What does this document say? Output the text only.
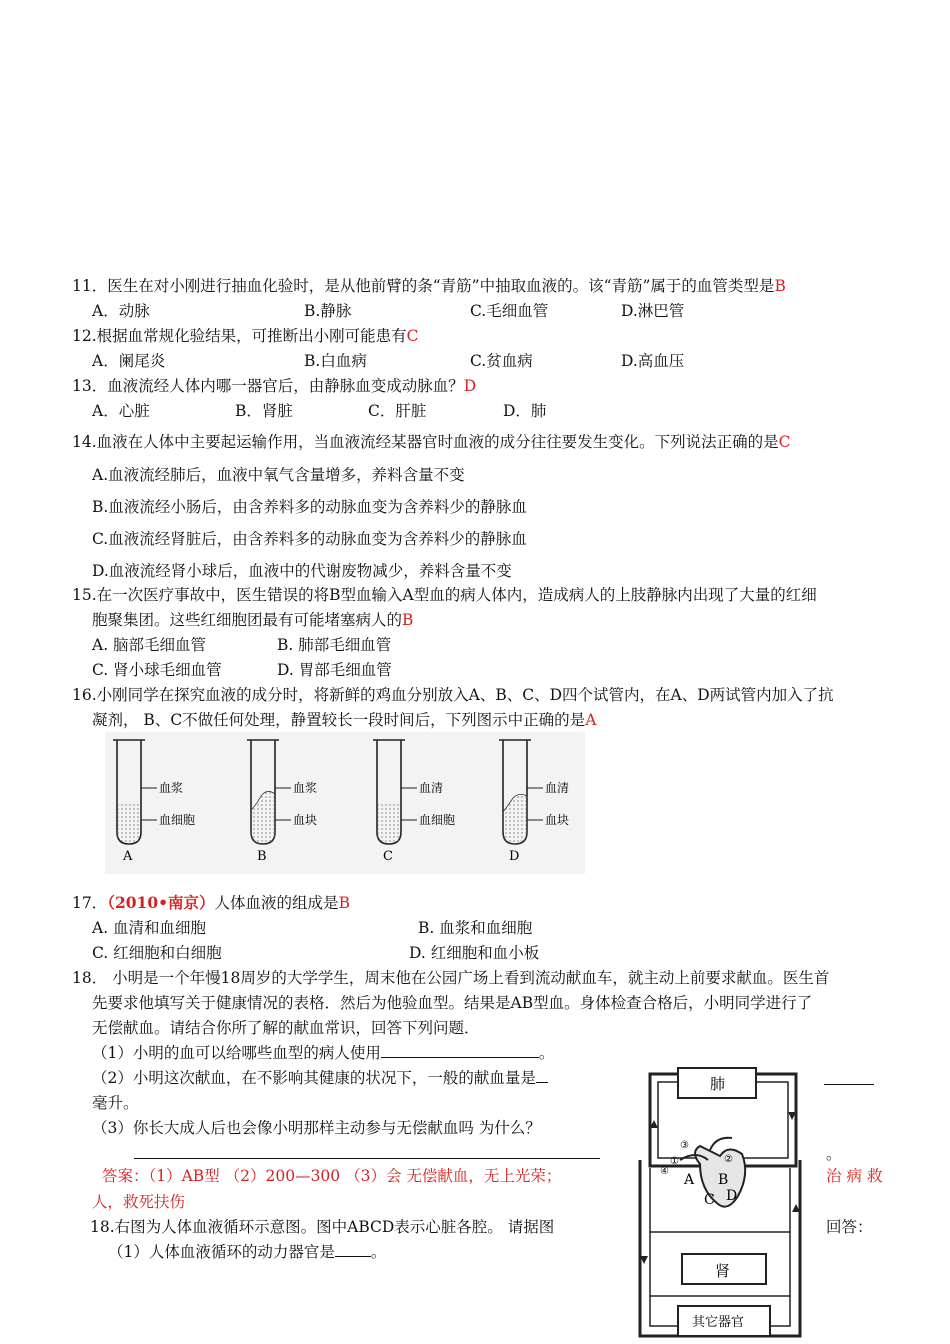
11．医生在对小刚进行抽血化验时，是从他前臂的条“青筋”中抽取血液的。该“青筋”属于的血管类型是B
A．动脉	B.静脉	C.毛细血管	D.淋巴管
12.根据血常规化验结果，可推断出小刚可能患有C
A．阑尾炎	B.白血病	C.贫血病	D.高血压
13．血液流经人体内哪一器官后，由静脉血变成动脉血？D
A．心脏	B．肾脏	C．肝脏	D．肺
14.血液在人体中主要起运输作用，当血液流经某器官时血液的成分往往要发生变化。下列说法正确的是C
A.血液流经肺后，血液中氧气含量增多，养料含量不变
B.血液流经小肠后，由含养料多的动脉血变为含养料少的静脉血
C.血液流经肾脏后，由含养料多的动脉血变为含养料少的静脉血
D.血液流经肾小球后，血液中的代谢废物减少，养料含量不变
15.在一次医疗事故中，医生错误的将B型血输入A型血的病人体内，造成病人的上肢静脉内出现了大量的红细
胞聚集团。这些红细胞团最有可能堵塞病人的B
A. 脑部毛细血管	B. 肺部毛细血管
C. 肾小球毛细血管	D. 胃部毛细血管
16.小刚同学在探究血液的成分时，将新鲜的鸡血分别放入A、B、C、D四个试管内，在A、D两试管内加入了抗
凝剂， B、C不做任何处理，静置较长一段时间后，下列图示中正确的是A
血浆
血细胞
A
血浆
血块
B
血清
血细胞
C
血清
血块
D
17．（2010•南京）人体血液的组成是B
A. 血清和血细胞	B. 血浆和血细胞
C. 红细胞和白细胞	D. 红细胞和血小板
18． 小明是一个年慢18周岁的大学学生，周末他在公园广场上看到流动献血车，就主动上前要求献血。医生首
先要求他填写关于健康情况的表格．然后为他验血型。结果是AB型血。身体检查合格后，小明同学进行了
无偿献血。请结合你所了解的献血常识，回答下列问题．
（1）小明的血可以给哪些血型的病人使用	。
（2）小明这次献血，在不影响其健康的状况下，一般的献血量是
毫升。
（3）你长大成人后也会像小明那样主动参与无偿献血吗 为什么？
。
答案：（1）AB型 （2）200—300 （3）会 无偿献血，无上光荣；	治病救
人，救死扶伤
18.右图为人体血液循环示意图。图中ABCD表示心脏各腔。 请据图	回答：
（1）人体血液循环的动力器官是 。
肺
肾
其它器官
A B
C D
①	②
③
④
